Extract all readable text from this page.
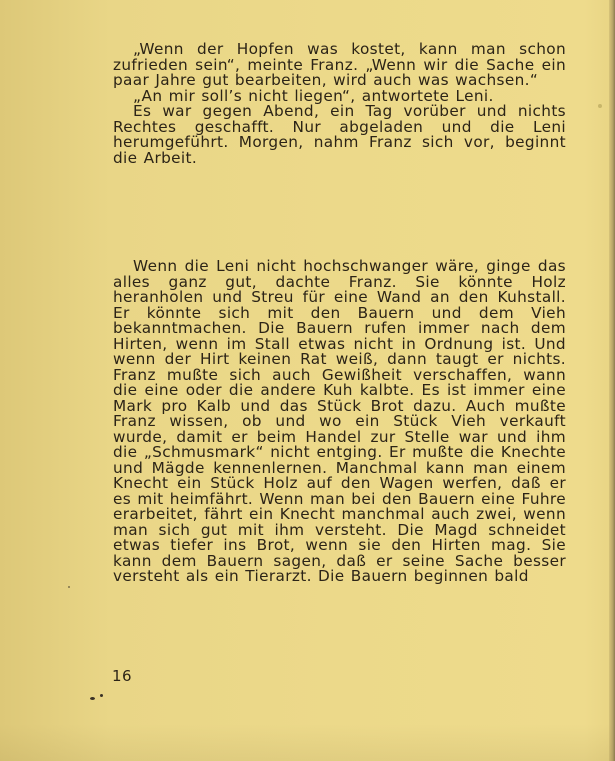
„Wenn der Hopfen was kostet, kann man schon zufrieden sein“, meinte Franz. „Wenn wir die Sache ein paar Jahre gut bearbeiten, wird auch was wachsen.“

„An mir soll’s nicht liegen“, antwortete Leni.

Es war gegen Abend, ein Tag vorüber und nichts Rechtes geschafft. Nur abgeladen und die Leni herumgeführt. Morgen, nahm Franz sich vor, beginnt die Arbeit.

Wenn die Leni nicht hochschwanger wäre, ginge das alles ganz gut, dachte Franz. Sie könnte Holz heranholen und Streu für eine Wand an den Kuhstall. Er könnte sich mit den Bauern und dem Vieh bekanntmachen. Die Bauern rufen immer nach dem Hirten, wenn im Stall etwas nicht in Ordnung ist. Und wenn der Hirt keinen Rat weiß, dann taugt er nichts. Franz mußte sich auch Gewißheit verschaffen, wann die eine oder die andere Kuh kalbte. Es ist immer eine Mark pro Kalb und das Stück Brot dazu. Auch mußte Franz wissen, ob und wo ein Stück Vieh verkauft wurde, damit er beim Handel zur Stelle war und ihm die „Schmusmark“ nicht entging. Er mußte die Knechte und Mägde kennenlernen. Manchmal kann man einem Knecht ein Stück Holz auf den Wagen werfen, daß er es mit heimfährt. Wenn man bei den Bauern eine Fuhre erarbeitet, fährt ein Knecht manchmal auch zwei, wenn man sich gut mit ihm versteht. Die Magd schneidet etwas tiefer ins Brot, wenn sie den Hirten mag. Sie kann dem Bauern sagen, daß er seine Sache besser versteht als ein Tierarzt. Die Bauern beginnen bald

16
